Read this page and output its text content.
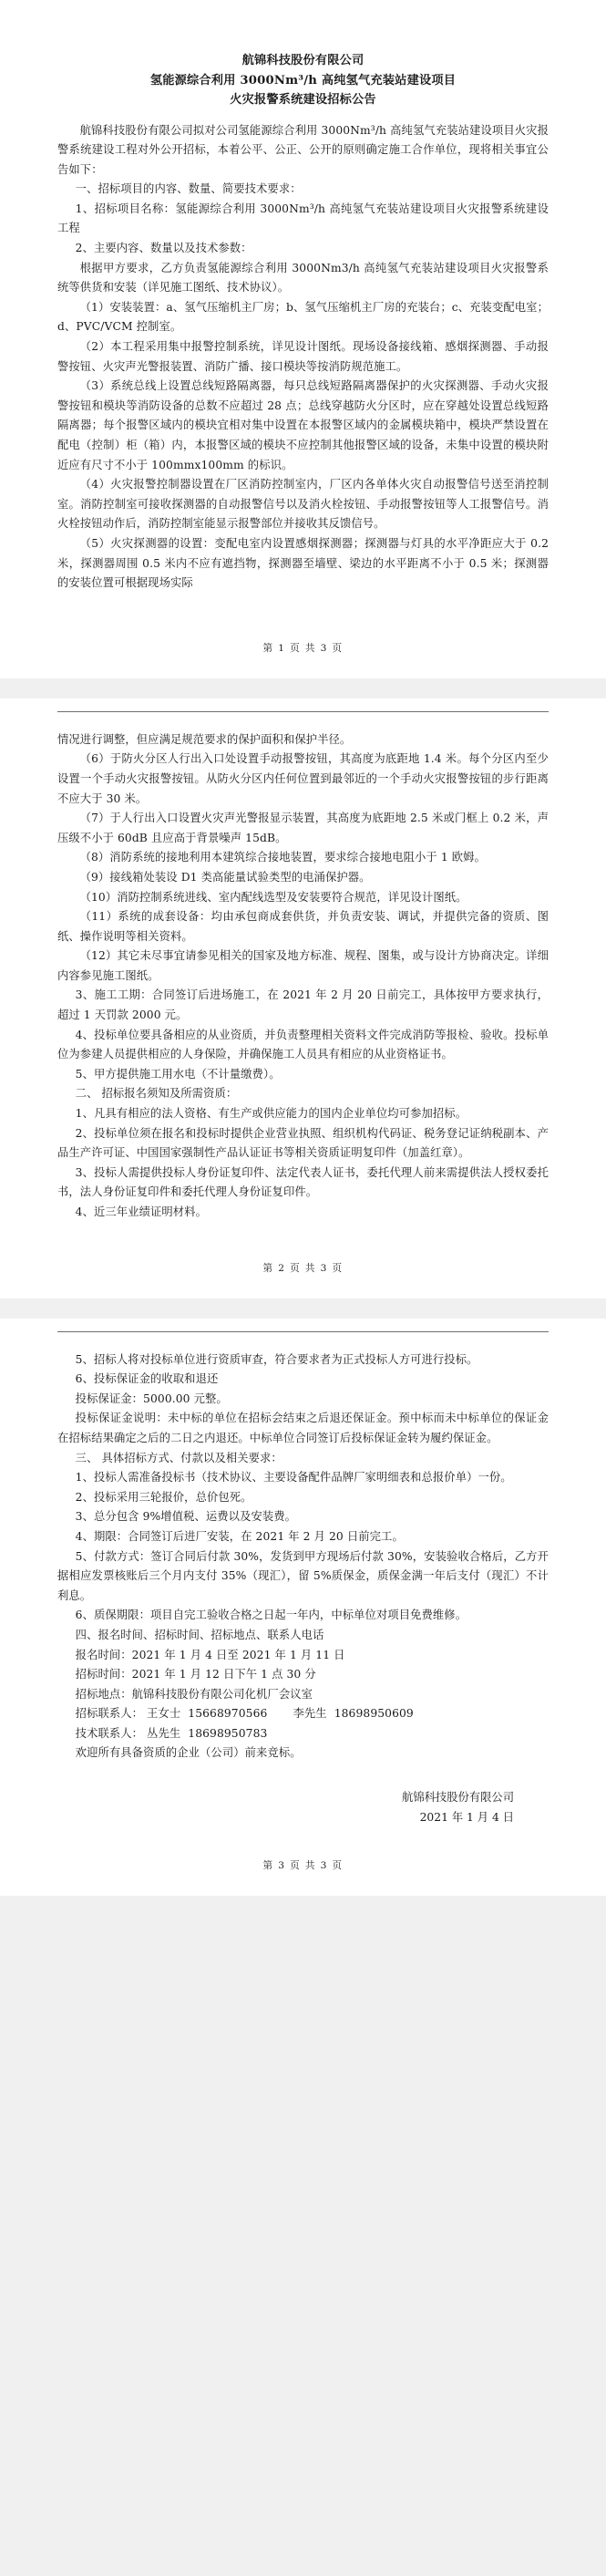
航锦科技股份有限公司
氢能源综合利用 3000Nm³/h 高纯氢气充装站建设项目
火灾报警系统建设招标公告

航锦科技股份有限公司拟对公司氢能源综合利用 3000Nm³/h 高纯氢气充装站建设项目火灾报警系统建设工程对外公开招标，本着公平、公正、公开的原则确定施工合作单位，现将相关事宜公告如下：

一、招标项目的内容、数量、简要技术要求：

1、招标项目名称：氢能源综合利用 3000Nm³/h 高纯氢气充装站建设项目火灾报警系统建设工程

2、主要内容、数量以及技术参数：

根据甲方要求，乙方负责氢能源综合利用 3000Nm3/h 高纯氢气充装站建设项目火灾报警系统等供货和安装（详见施工图纸、技术协议）。

（1）安装装置：a、氢气压缩机主厂房；b、氢气压缩机主厂房的充装台；c、充装变配电室；d、PVC/VCM 控制室。

（2）本工程采用集中报警控制系统，详见设计图纸。现场设备接线箱、感烟探测器、手动报警按钮、火灾声光警报装置、消防广播、接口模块等按消防规范施工。

（3）系统总线上设置总线短路隔离器，每只总线短路隔离器保护的火灾探测器、手动火灾报警按钮和模块等消防设备的总数不应超过 28 点；总线穿越防火分区时，应在穿越处设置总线短路隔离器；每个报警区域内的模块宜相对集中设置在本报警区域内的金属模块箱中，模块严禁设置在配电（控制）柜（箱）内，本报警区域的模块不应控制其他报警区域的设备，未集中设置的模块附近应有尺寸不小于 100mmx100mm 的标识。

（4）火灾报警控制器设置在厂区消防控制室内，厂区内各单体火灾自动报警信号送至消控制室。消防控制室可接收探测器的自动报警信号以及消火栓按钮、手动报警按钮等人工报警信号。消火栓按钮动作后，消防控制室能显示报警部位并接收其反馈信号。

（5）火灾探测器的设置：变配电室内设置感烟探测器；探测器与灯具的水平净距应大于 0.2 米，探测器周围 0.5 米内不应有遮挡物，探测器至墙壁、梁边的水平距离不小于 0.5 米；探测器的安装位置可根据现场实际

第 1 页 共 3 页

情况进行调整，但应满足规范要求的保护面积和保护半径。

（6）于防火分区人行出入口处设置手动报警按钮，其高度为底距地 1.4 米。每个分区内至少设置一个手动火灾报警按钮。从防火分区内任何位置到最邻近的一个手动火灾报警按钮的步行距离不应大于 30 米。

（7）于人行出入口设置火灾声光警报显示装置，其高度为底距地 2.5 米或门框上 0.2 米，声压级不小于 60dB 且应高于背景噪声 15dB。

（8）消防系统的接地利用本建筑综合接地装置，要求综合接地电阻小于 1 欧姆。

（9）接线箱处装设 D1 类高能量试验类型的电涌保护器。

（10）消防控制系统进线、室内配线选型及安装要符合规范，详见设计图纸。

（11）系统的成套设备：均由承包商成套供货，并负责安装、调试，并提供完备的资质、图纸、操作说明等相关资料。

（12）其它未尽事宜请参见相关的国家及地方标准、规程、图集，或与设计方协商决定。详细内容参见施工图纸。

3、施工工期：合同签订后进场施工，在 2021 年 2 月 20 日前完工，具体按甲方要求执行，超过 1 天罚款 2000 元。

4、投标单位要具备相应的从业资质，并负责整理相关资料文件完成消防等报检、验收。投标单位为参建人员提供相应的人身保险，并确保施工人员具有相应的从业资格证书。

5、甲方提供施工用水电（不计量缴费）。

二、 招标报名须知及所需资质：

1、凡具有相应的法人资格、有生产或供应能力的国内企业单位均可参加招标。

2、投标单位须在报名和投标时提供企业营业执照、组织机构代码证、税务登记证纳税副本、产品生产许可证、中国国家强制性产品认证证书等相关资质证明复印件（加盖红章）。

3、投标人需提供投标人身份证复印件、法定代表人证书，委托代理人前来需提供法人授权委托书，法人身份证复印件和委托代理人身份证复印件。

4、近三年业绩证明材料。

第 2 页 共 3 页

5、招标人将对投标单位进行资质审查，符合要求者为正式投标人方可进行投标。

6、投标保证金的收取和退还

投标保证金：5000.00 元整。

投标保证金说明：未中标的单位在招标会结束之后退还保证金。预中标而未中标单位的保证金在招标结果确定之后的二日之内退还。中标单位合同签订后投标保证金转为履约保证金。

三、 具体招标方式、付款以及相关要求：

1、投标人需准备投标书（技术协议、主要设备配件品牌厂家明细表和总报价单）一份。

2、投标采用三轮报价，总价包死。

3、总分包含 9%增值税、运费以及安装费。

4、期限：合同签订后进厂安装，在 2021 年 2 月 20 日前完工。

5、付款方式：签订合同后付款 30%，发货到甲方现场后付款 30%，安装验收合格后，乙方开据相应发票核账后三个月内支付 35%（现汇），留 5%质保金，质保金满一年后支付（现汇）不计利息。

6、质保期限：项目自完工验收合格之日起一年内，中标单位对项目免费维修。

四、报名时间、招标时间、招标地点、联系人电话

报名时间：2021 年 1 月 4 日至 2021 年 1 月 11 日

招标时间：2021 年 1 月 12 日下午 1 点 30 分

招标地点：航锦科技股份有限公司化机厂会议室

招标联系人： 王女士  15668970566       李先生  18698950609

技术联系人： 丛先生  18698950783

欢迎所有具备资质的企业（公司）前来竞标。

航锦科技股份有限公司
2021 年 1 月 4 日
第 3 页 共 3 页
